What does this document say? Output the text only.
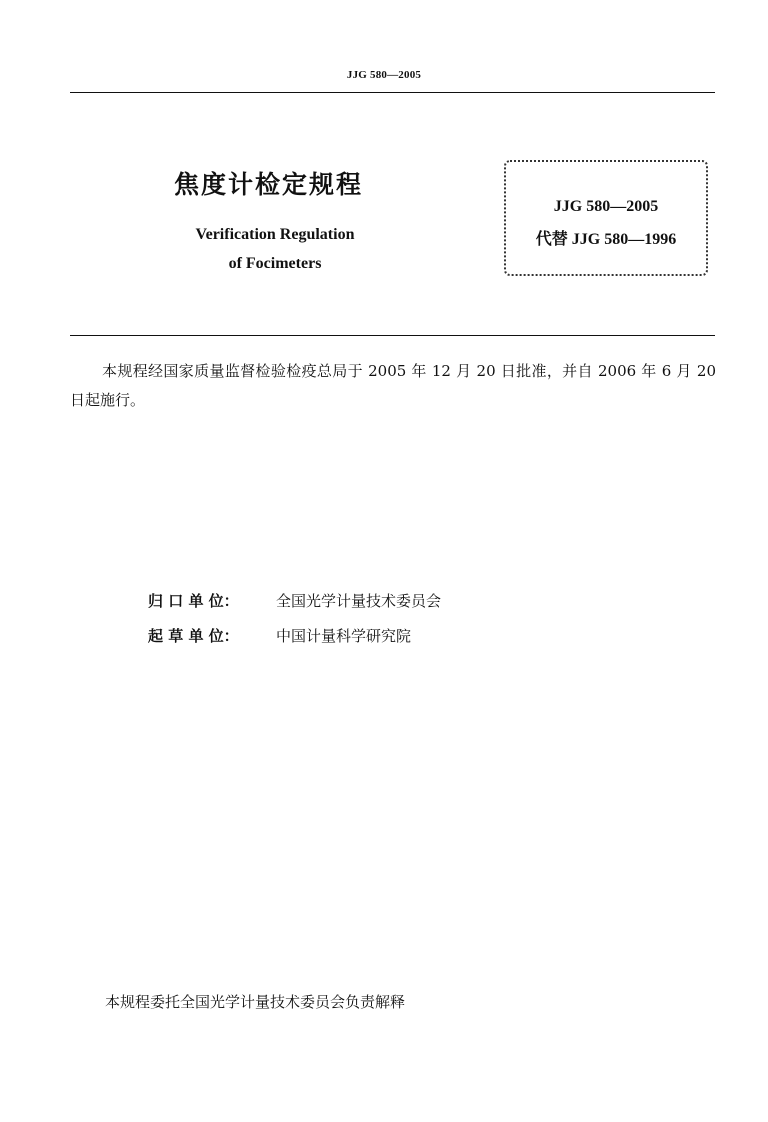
JJG 580—2005
焦度计检定规程
Verification Regulation
of Focimeters
JJG 580—2005
代替 JJG 580—1996
本规程经国家质量监督检验检疫总局于 2005 年 12 月 20 日批准，并自 2006 年 6 月 20 日起施行。
归 口 单 位： 全国光学计量技术委员会
起 草 单 位： 中国计量科学研究院
本规程委托全国光学计量技术委员会负责解释
